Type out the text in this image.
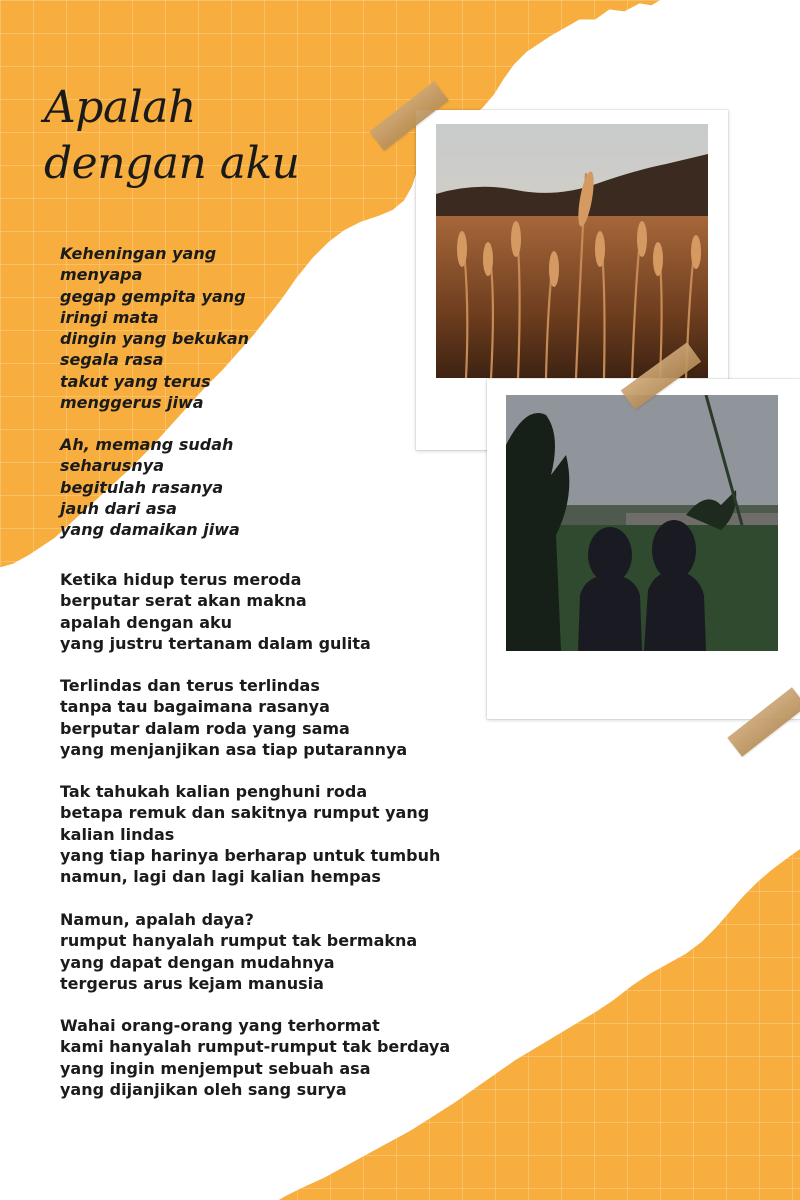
Apalah
dengan aku

Keheningan yang
menyapa
gegap gempita yang
iringi mata
dingin yang bekukan
segala rasa
takut yang terus
menggerus jiwa

Ah, memang sudah
seharusnya
begitulah rasanya
jauh dari asa
yang damaikan jiwa

Ketika hidup terus meroda
berputar serat akan makna
apalah dengan aku
yang justru tertanam dalam gulita

Terlindas dan terus terlindas
tanpa tau bagaimana rasanya
berputar dalam roda yang sama
yang menjanjikan asa tiap putarannya

Tak tahukah kalian penghuni roda
betapa remuk dan sakitnya rumput yang
kalian lindas
yang tiap harinya berharap untuk tumbuh
namun, lagi dan lagi kalian hempas

Namun, apalah daya?
rumput hanyalah rumput tak bermakna
yang dapat dengan mudahnya
tergerus arus kejam manusia

Wahai orang-orang yang terhormat
kami hanyalah rumput-rumput tak berdaya
yang ingin menjemput sebuah asa
yang dijanjikan oleh sang surya
